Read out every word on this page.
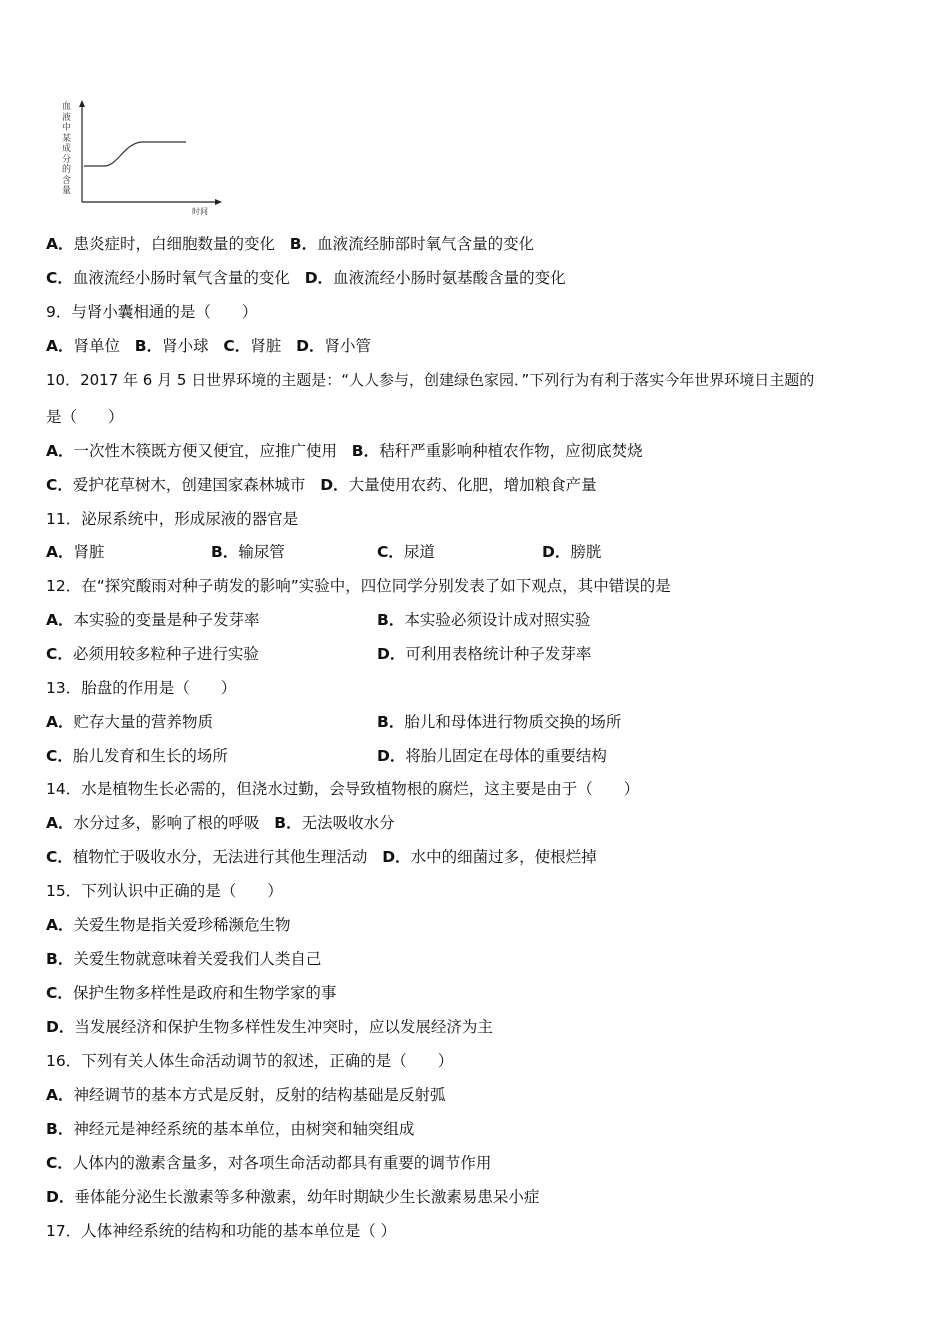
血液中某成分的含量
时间
A．患炎症时，白细胞数量的变化 B．血液流经肺部时氧气含量的变化
C．血液流经小肠时氧气含量的变化 D．血液流经小肠时氨基酸含量的变化
9．与肾小囊相通的是（　　）
A．肾单位 B．肾小球 C．肾脏 D．肾小管
10．2017 年 6 月 5 日世界环境的主题是：“人人参与，创建绿色家园．”下列行为有利于落实今年世界环境日主题的
是（　　）
A．一次性木筷既方便又便宜，应推广使用 B．秸秆严重影响种植农作物，应彻底焚烧
C．爱护花草树木，创建国家森林城市 D．大量使用农药、化肥，增加粮食产量
11．泌尿系统中，形成尿液的器官是
A．肾脏	B．输尿管	C．尿道	D．膀胱
12．在“探究酸雨对种子萌发的影响”实验中，四位同学分别发表了如下观点，其中错误的是
A．本实验的变量是种子发芽率	B．本实验必须设计成对照实验
C．必须用较多粒种子进行实验	D．可利用表格统计种子发芽率
13．胎盘的作用是（　　）
A．贮存大量的营养物质	B．胎儿和母体进行物质交换的场所
C．胎儿发育和生长的场所	D．将胎儿固定在母体的重要结构
14．水是植物生长必需的，但浇水过勤，会导致植物根的腐烂，这主要是由于（　　）
A．水分过多，影响了根的呼吸 B．无法吸收水分
C．植物忙于吸收水分，无法进行其他生理活动 D．水中的细菌过多，使根烂掉
15．下列认识中正确的是（　　）
A．关爱生物是指关爱珍稀濒危生物
B．关爱生物就意味着关爱我们人类自己
C．保护生物多样性是政府和生物学家的事
D．当发展经济和保护生物多样性发生冲突时，应以发展经济为主
16．下列有关人体生命活动调节的叙述，正确的是（　　）
A．神经调节的基本方式是反射，反射的结构基础是反射弧
B．神经元是神经系统的基本单位，由树突和轴突组成
C．人体内的激素含量多，对各项生命活动都具有重要的调节作用
D．垂体能分泌生长激素等多种激素，幼年时期缺少生长激素易患呆小症
17．人体神经系统的结构和功能的基本单位是（ ）
